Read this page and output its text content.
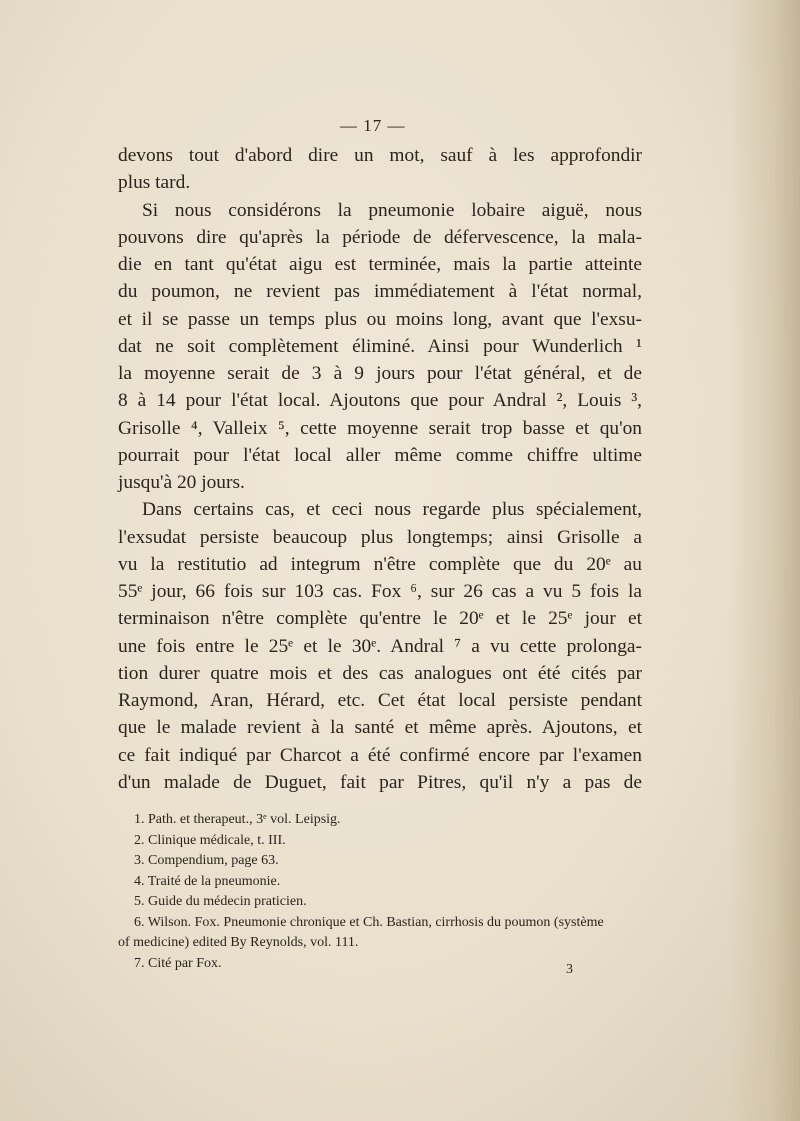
— 17 —
devons tout d'abord dire un mot, sauf à les approfondir
plus tard.
Si nous considérons la pneumonie lobaire aiguë, nous
pouvons dire qu'après la période de défervescence, la mala-
die en tant qu'état aigu est terminée, mais la partie atteinte
du poumon, ne revient pas immédiatement à l'état normal,
et il se passe un temps plus ou moins long, avant que l'exsu-
dat ne soit complètement éliminé. Ainsi pour Wunderlich ¹
la moyenne serait de 3 à 9 jours pour l'état général, et de
8 à 14 pour l'état local. Ajoutons que pour Andral ², Louis ³,
Grisolle ⁴, Valleix ⁵, cette moyenne serait trop basse et qu'on
pourrait pour l'état local aller même comme chiffre ultime
jusqu'à 20 jours.
Dans certains cas, et ceci nous regarde plus spécialement,
l'exsudat persiste beaucoup plus longtemps; ainsi Grisolle a
vu la restitutio ad integrum n'être complète que du 20ᵉ au
55ᵉ jour, 66 fois sur 103 cas. Fox ⁶, sur 26 cas a vu 5 fois la
terminaison n'être complète qu'entre le 20ᵉ et le 25ᵉ jour et
une fois entre le 25ᵉ et le 30ᵉ. Andral ⁷ a vu cette prolonga-
tion durer quatre mois et des cas analogues ont été cités par
Raymond, Aran, Hérard, etc. Cet état local persiste pendant
que le malade revient à la santé et même après. Ajoutons, et
ce fait indiqué par Charcot a été confirmé encore par l'examen
d'un malade de Duguet, fait par Pitres, qu'il n'y a pas de
1. Path. et therapeut., 3ᵉ vol. Leipsig.
2. Clinique médicale, t. III.
3. Compendium, page 63.
4. Traité de la pneumonie.
5. Guide du médecin praticien.
6. Wilson. Fox. Pneumonie chronique et Ch. Bastian, cirrhosis du poumon (système
of medicine) edited By Reynolds, vol. 111.
7. Cité par Fox.	3
